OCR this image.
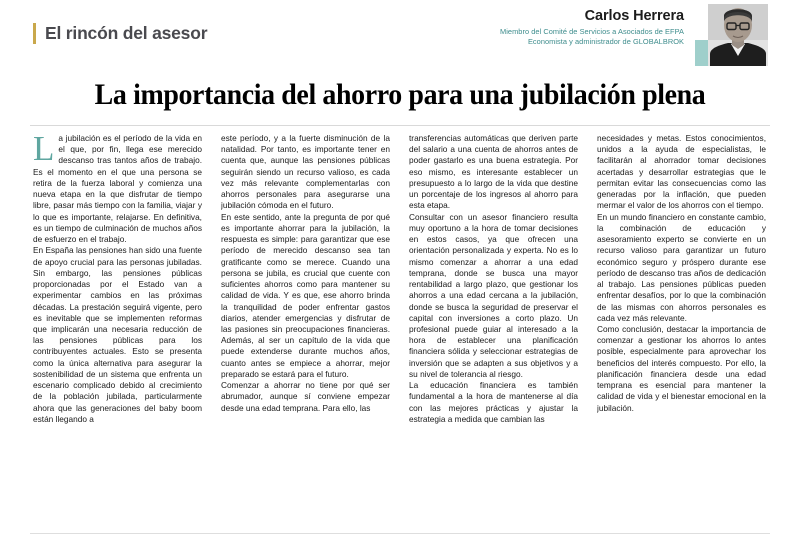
El rincón del asesor
Carlos Herrera
Miembro del Comité de Servicios a Asociados de EFPA
Economista y administrador de GLOBALBROK
La importancia del ahorro para una jubilación plena

La jubilación es el período de la vida en el que, por fin, llega ese merecido descanso tras tantos años de trabajo. Es el momento en el que una persona se retira de la fuerza laboral y comienza una nueva etapa en la que disfrutar de tiempo libre, pasar más tiempo con la familia, viajar y lo que es importante, relajarse. En definitiva, es un tiempo de culminación de muchos años de esfuerzo en el trabajo.

En España las pensiones han sido una fuente de apoyo crucial para las personas jubiladas. Sin embargo, las pensiones públicas proporcionadas por el Estado van a experimentar cambios en las próximas décadas. La prestación seguirá vigente, pero es inevitable que se implementen reformas que implicarán una necesaria reducción de las pensiones públicas para los contribuyentes actuales. Esto se presenta como la única alternativa para asegurar la sostenibilidad de un sistema que enfrenta un escenario complicado debido al crecimiento de la población jubilada, particularmente ahora que las generaciones del baby boom están llegando a

este período, y a la fuerte disminución de la natalidad. Por tanto, es importante tener en cuenta que, aunque las pensiones públicas seguirán siendo un recurso valioso, es cada vez más relevante complementarlas con ahorros personales para asegurarse una jubilación cómoda en el futuro.

En este sentido, ante la pregunta de por qué es importante ahorrar para la jubilación, la respuesta es simple: para garantizar que ese período de merecido descanso sea tan gratificante como se merece. Cuando una persona se jubila, es crucial que cuente con suficientes ahorros como para mantener su calidad de vida. Y es que, ese ahorro brinda la tranquilidad de poder enfrentar gastos diarios, atender emergencias y disfrutar de las pasiones sin preocupaciones financieras. Además, al ser un capítulo de la vida que puede extenderse durante muchos años, cuanto antes se empiece a ahorrar, mejor preparado se estará para el futuro.

Comenzar a ahorrar no tiene por qué ser abrumador, aunque sí conviene empezar desde una edad temprana. Para ello, las

transferencias automáticas que deriven parte del salario a una cuenta de ahorros antes de poder gastarlo es una buena estrategia. Por eso mismo, es interesante establecer un presupuesto a lo largo de la vida que destine un porcentaje de los ingresos al ahorro para esta etapa.

Consultar con un asesor financiero resulta muy oportuno a la hora de tomar decisiones en estos casos, ya que ofrecen una orientación personalizada y experta. No es lo mismo comenzar a ahorrar a una edad temprana, donde se busca una mayor rentabilidad a largo plazo, que gestionar los ahorros a una edad cercana a la jubilación, donde se busca la seguridad de preservar el capital con inversiones a corto plazo. Un profesional puede guiar al interesado a la hora de establecer una planificación financiera sólida y seleccionar estrategias de inversión que se adapten a sus objetivos y a su nivel de tolerancia al riesgo.

La educación financiera es también fundamental a la hora de mantenerse al día con las mejores prácticas y ajustar la estrategia a medida que cambian las

necesidades y metas. Estos conocimientos, unidos a la ayuda de especialistas, le facilitarán al ahorrador tomar decisiones acertadas y desarrollar estrategias que le permitan evitar las consecuencias como las generadas por la inflación, que pueden mermar el valor de los ahorros con el tiempo.

En un mundo financiero en constante cambio, la combinación de educación y asesoramiento experto se convierte en un recurso valioso para garantizar un futuro económico seguro y próspero durante ese período de descanso tras años de dedicación al trabajo. Las pensiones públicas pueden enfrentar desafíos, por lo que la combinación de las mismas con ahorros personales es cada vez más relevante.

Como conclusión, destacar la importancia de comenzar a gestionar los ahorros lo antes posible, especialmente para aprovechar los beneficios del interés compuesto. Por ello, la planificación financiera desde una edad temprana es esencial para mantener la calidad de vida y el bienestar emocional en la jubilación.
